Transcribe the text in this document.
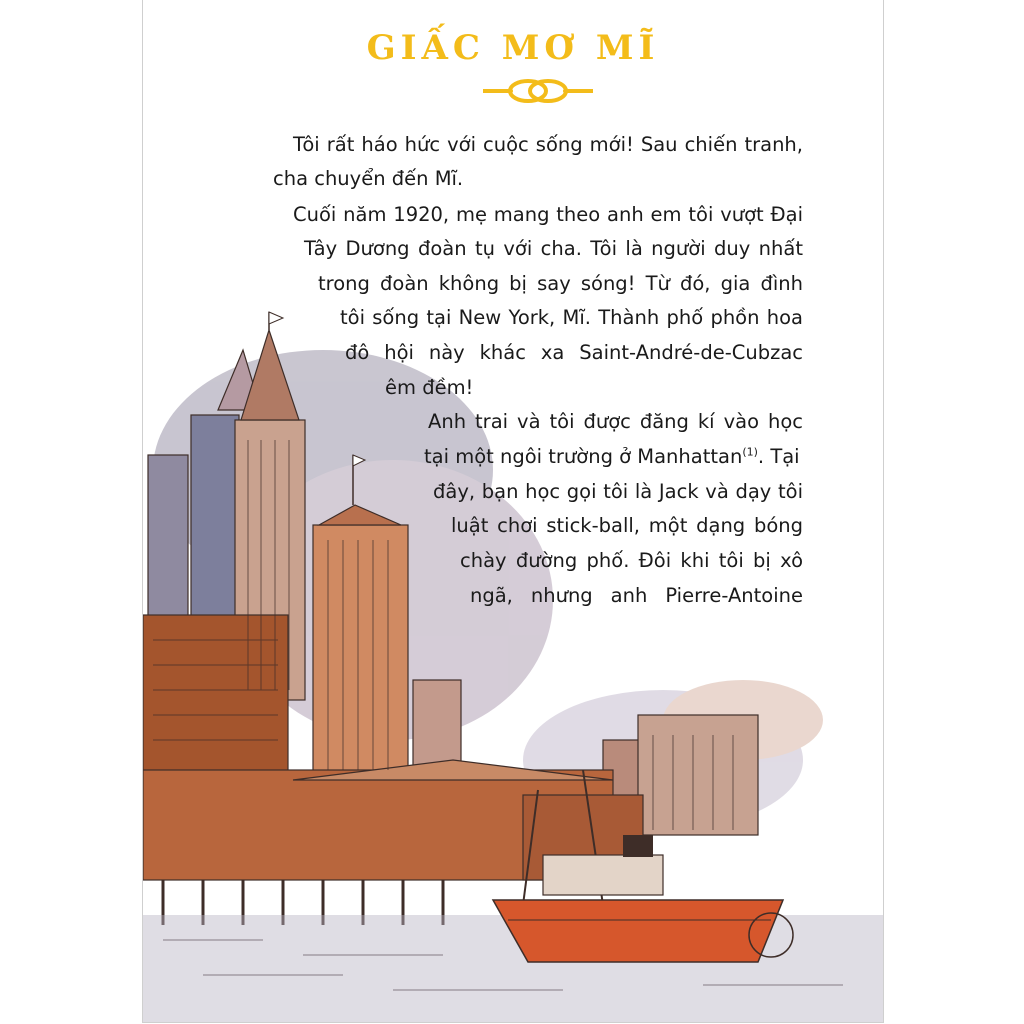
GIẤC MƠ MĨ
Tôi rất háo hức với cuộc sống mới! Sau chiến tranh,
cha chuyển đến Mĩ.
Cuối năm 1920, mẹ mang theo anh em tôi vượt Đại
Tây Dương đoàn tụ với cha. Tôi là người duy nhất
trong đoàn không bị say sóng! Từ đó, gia đình
tôi sống tại New York, Mĩ. Thành phố phồn hoa
đô hội này khác xa Saint-André-de-Cubzac
êm đềm!
Anh trai và tôi được đăng kí vào học
tại một ngôi trường ở Manhattan$^{(1)}$. Tại
đây, bạn học gọi tôi là Jack và dạy tôi
luật chơi stick-ball, một dạng bóng
chày đường phố. Đôi khi tôi bị xô
ngã, nhưng anh Pierre-Antoine
